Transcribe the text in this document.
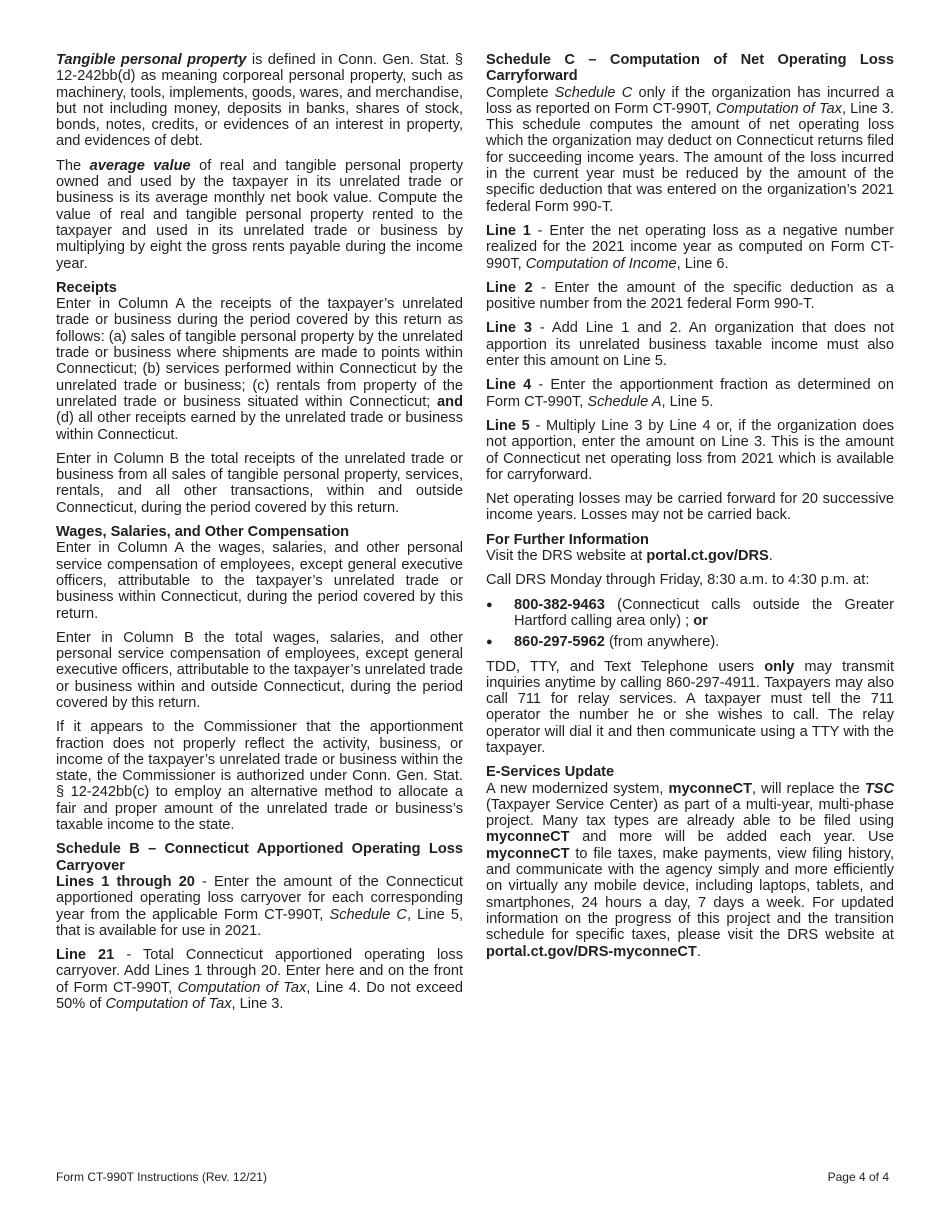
Tangible personal property is defined in Conn. Gen. Stat. § 12-242bb(d) as meaning corporeal personal property, such as machinery, tools, implements, goods, wares, and merchandise, but not including money, deposits in banks, shares of stock, bonds, notes, credits, or evidences of an interest in property, and evidences of debt.

The average value of real and tangible personal property owned and used by the taxpayer in its unrelated trade or business is its average monthly net book value. Compute the value of real and tangible personal property rented to the taxpayer and used in its unrelated trade or business by multiplying by eight the gross rents payable during the income year.

Receipts
Enter in Column A the receipts of the taxpayer’s unrelated trade or business during the period covered by this return as follows: (a) sales of tangible personal property by the unrelated trade or business where shipments are made to points within Connecticut; (b) services performed within Connecticut by the unrelated trade or business; (c) rentals from property of the unrelated trade or business situated within Connecticut; and (d) all other receipts earned by the unrelated trade or business within Connecticut.

Enter in Column B the total receipts of the unrelated trade or business from all sales of tangible personal property, services, rentals, and all other transactions, within and outside Connecticut, during the period covered by this return.

Wages, Salaries, and Other Compensation
Enter in Column A the wages, salaries, and other personal service compensation of employees, except general executive officers, attributable to the taxpayer’s unrelated trade or business within Connecticut, during the period covered by this return.

Enter in Column B the total wages, salaries, and other personal service compensation of employees, except general executive officers, attributable to the taxpayer’s unrelated trade or business within and outside Connecticut, during the period covered by this return.

If it appears to the Commissioner that the apportionment fraction does not properly reflect the activity, business, or income of the taxpayer’s unrelated trade or business within the state, the Commissioner is authorized under Conn. Gen. Stat. § 12-242bb(c) to employ an alternative method to allocate a fair and proper amount of the unrelated trade or business’s taxable income to the state.

Schedule B – Connecticut Apportioned Operating Loss Carryover
Lines 1 through 20 - Enter the amount of the Connecticut apportioned operating loss carryover for each corresponding year from the applicable Form CT-990T, Schedule C, Line 5, that is available for use in 2021.

Line 21 - Total Connecticut apportioned operating loss carryover. Add Lines 1 through 20. Enter here and on the front of Form CT-990T, Computation of Tax, Line 4. Do not exceed 50% of Computation of Tax, Line 3.

Schedule C – Computation of Net Operating Loss Carryforward
Complete Schedule C only if the organization has incurred a loss as reported on Form CT-990T, Computation of Tax, Line 3. This schedule computes the amount of net operating loss which the organization may deduct on Connecticut returns filed for succeeding income years. The amount of the loss incurred in the current year must be reduced by the amount of the specific deduction that was entered on the organization’s 2021 federal Form 990-T.

Line 1 - Enter the net operating loss as a negative number realized for the 2021 income year as computed on Form CT-990T, Computation of Income, Line 6.

Line 2 - Enter the amount of the specific deduction as a positive number from the 2021 federal Form 990-T.

Line 3 - Add Line 1 and 2. An organization that does not apportion its unrelated business taxable income must also enter this amount on Line 5.

Line 4 - Enter the apportionment fraction as determined on Form CT-990T, Schedule A, Line 5.

Line 5 - Multiply Line 3 by Line 4 or, if the organization does not apportion, enter the amount on Line 3. This is the amount of Connecticut net operating loss from 2021 which is available for carryforward.

Net operating losses may be carried forward for 20 successive income years. Losses may not be carried back.

For Further Information
Visit the DRS website at portal.ct.gov/DRS.

Call DRS Monday through Friday, 8:30 a.m. to 4:30 p.m. at:

● 800-382-9463 (Connecticut calls outside the Greater Hartford calling area only) ; or
● 860-297-5962 (from anywhere).

TDD, TTY, and Text Telephone users only may transmit inquiries anytime by calling 860-297-4911. Taxpayers may also call 711 for relay services. A taxpayer must tell the 711 operator the number he or she wishes to call. The relay operator will dial it and then communicate using a TTY with the taxpayer.

E-Services Update
A new modernized system, myconneCT, will replace the TSC (Taxpayer Service Center) as part of a multi-year, multi-phase project. Many tax types are already able to be filed using myconneCT and more will be added each year. Use myconneCT to file taxes, make payments, view filing history, and communicate with the agency simply and more efficiently on virtually any mobile device, including laptops, tablets, and smartphones, 24 hours a day, 7 days a week. For updated information on the progress of this project and the transition schedule for specific taxes, please visit the DRS website at portal.ct.gov/DRS-myconneCT.
Form CT-990T Instructions (Rev. 12/21)	Page 4 of 4
